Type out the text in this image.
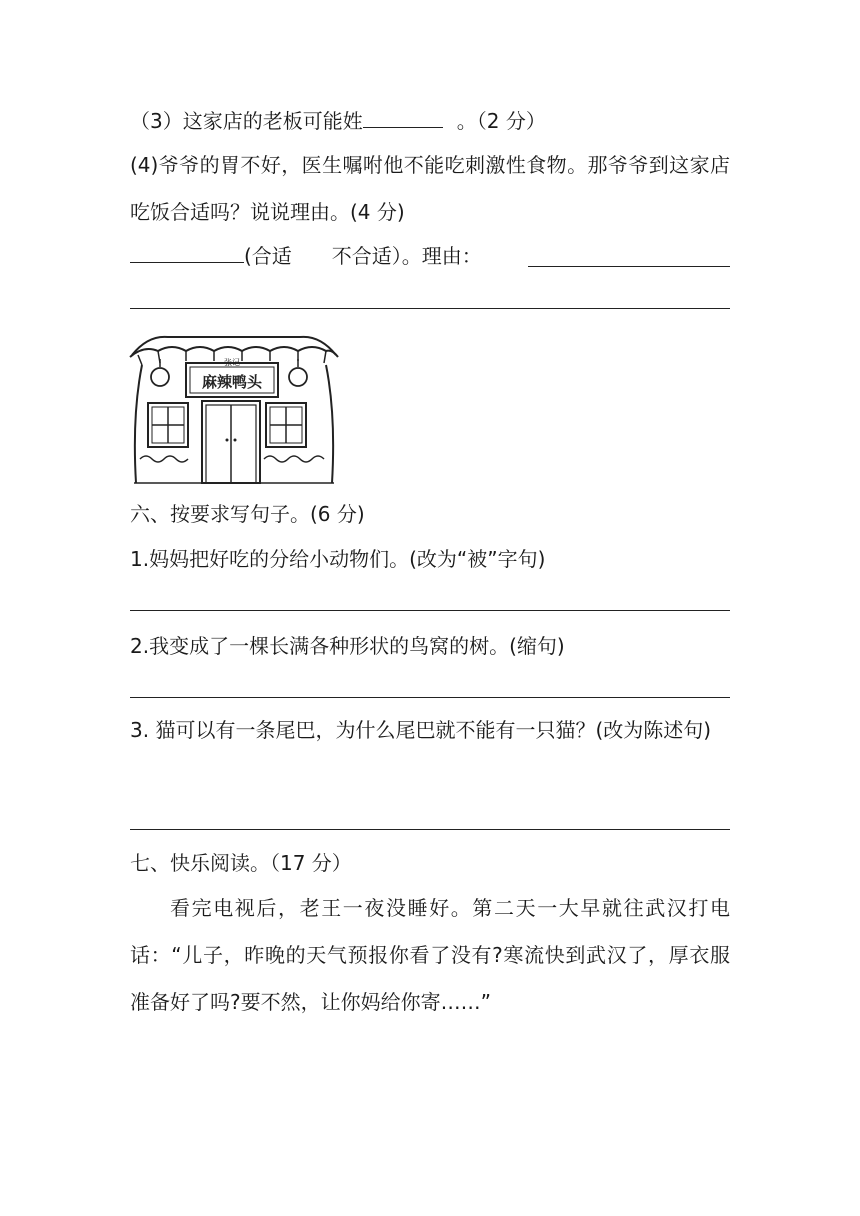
（3）这家店的老板可能姓	。（2 分）
(4)爷爷的胃不好，医生嘱咐他不能吃刺激性食物。那爷爷到这家店吃饭合适吗？说说理由。(4 分)
(合适　　不合适）。理由：
张记
麻辣鸭头
六、按要求写句子。(6 分)
1.妈妈把好吃的分给小动物们。(改为“被”字句)
2.我变成了一棵长满各种形状的鸟窝的树。(缩句)
3. 猫可以有一条尾巴，为什么尾巴就不能有一只猫？(改为陈述句)
七、快乐阅读。（17 分）
看完电视后，老王一夜没睡好。第二天一大早就往武汉打电话：“儿子，昨晚的天气预报你看了没有?寒流快到武汉了，厚衣服准备好了吗?要不然，让你妈给你寄……”
